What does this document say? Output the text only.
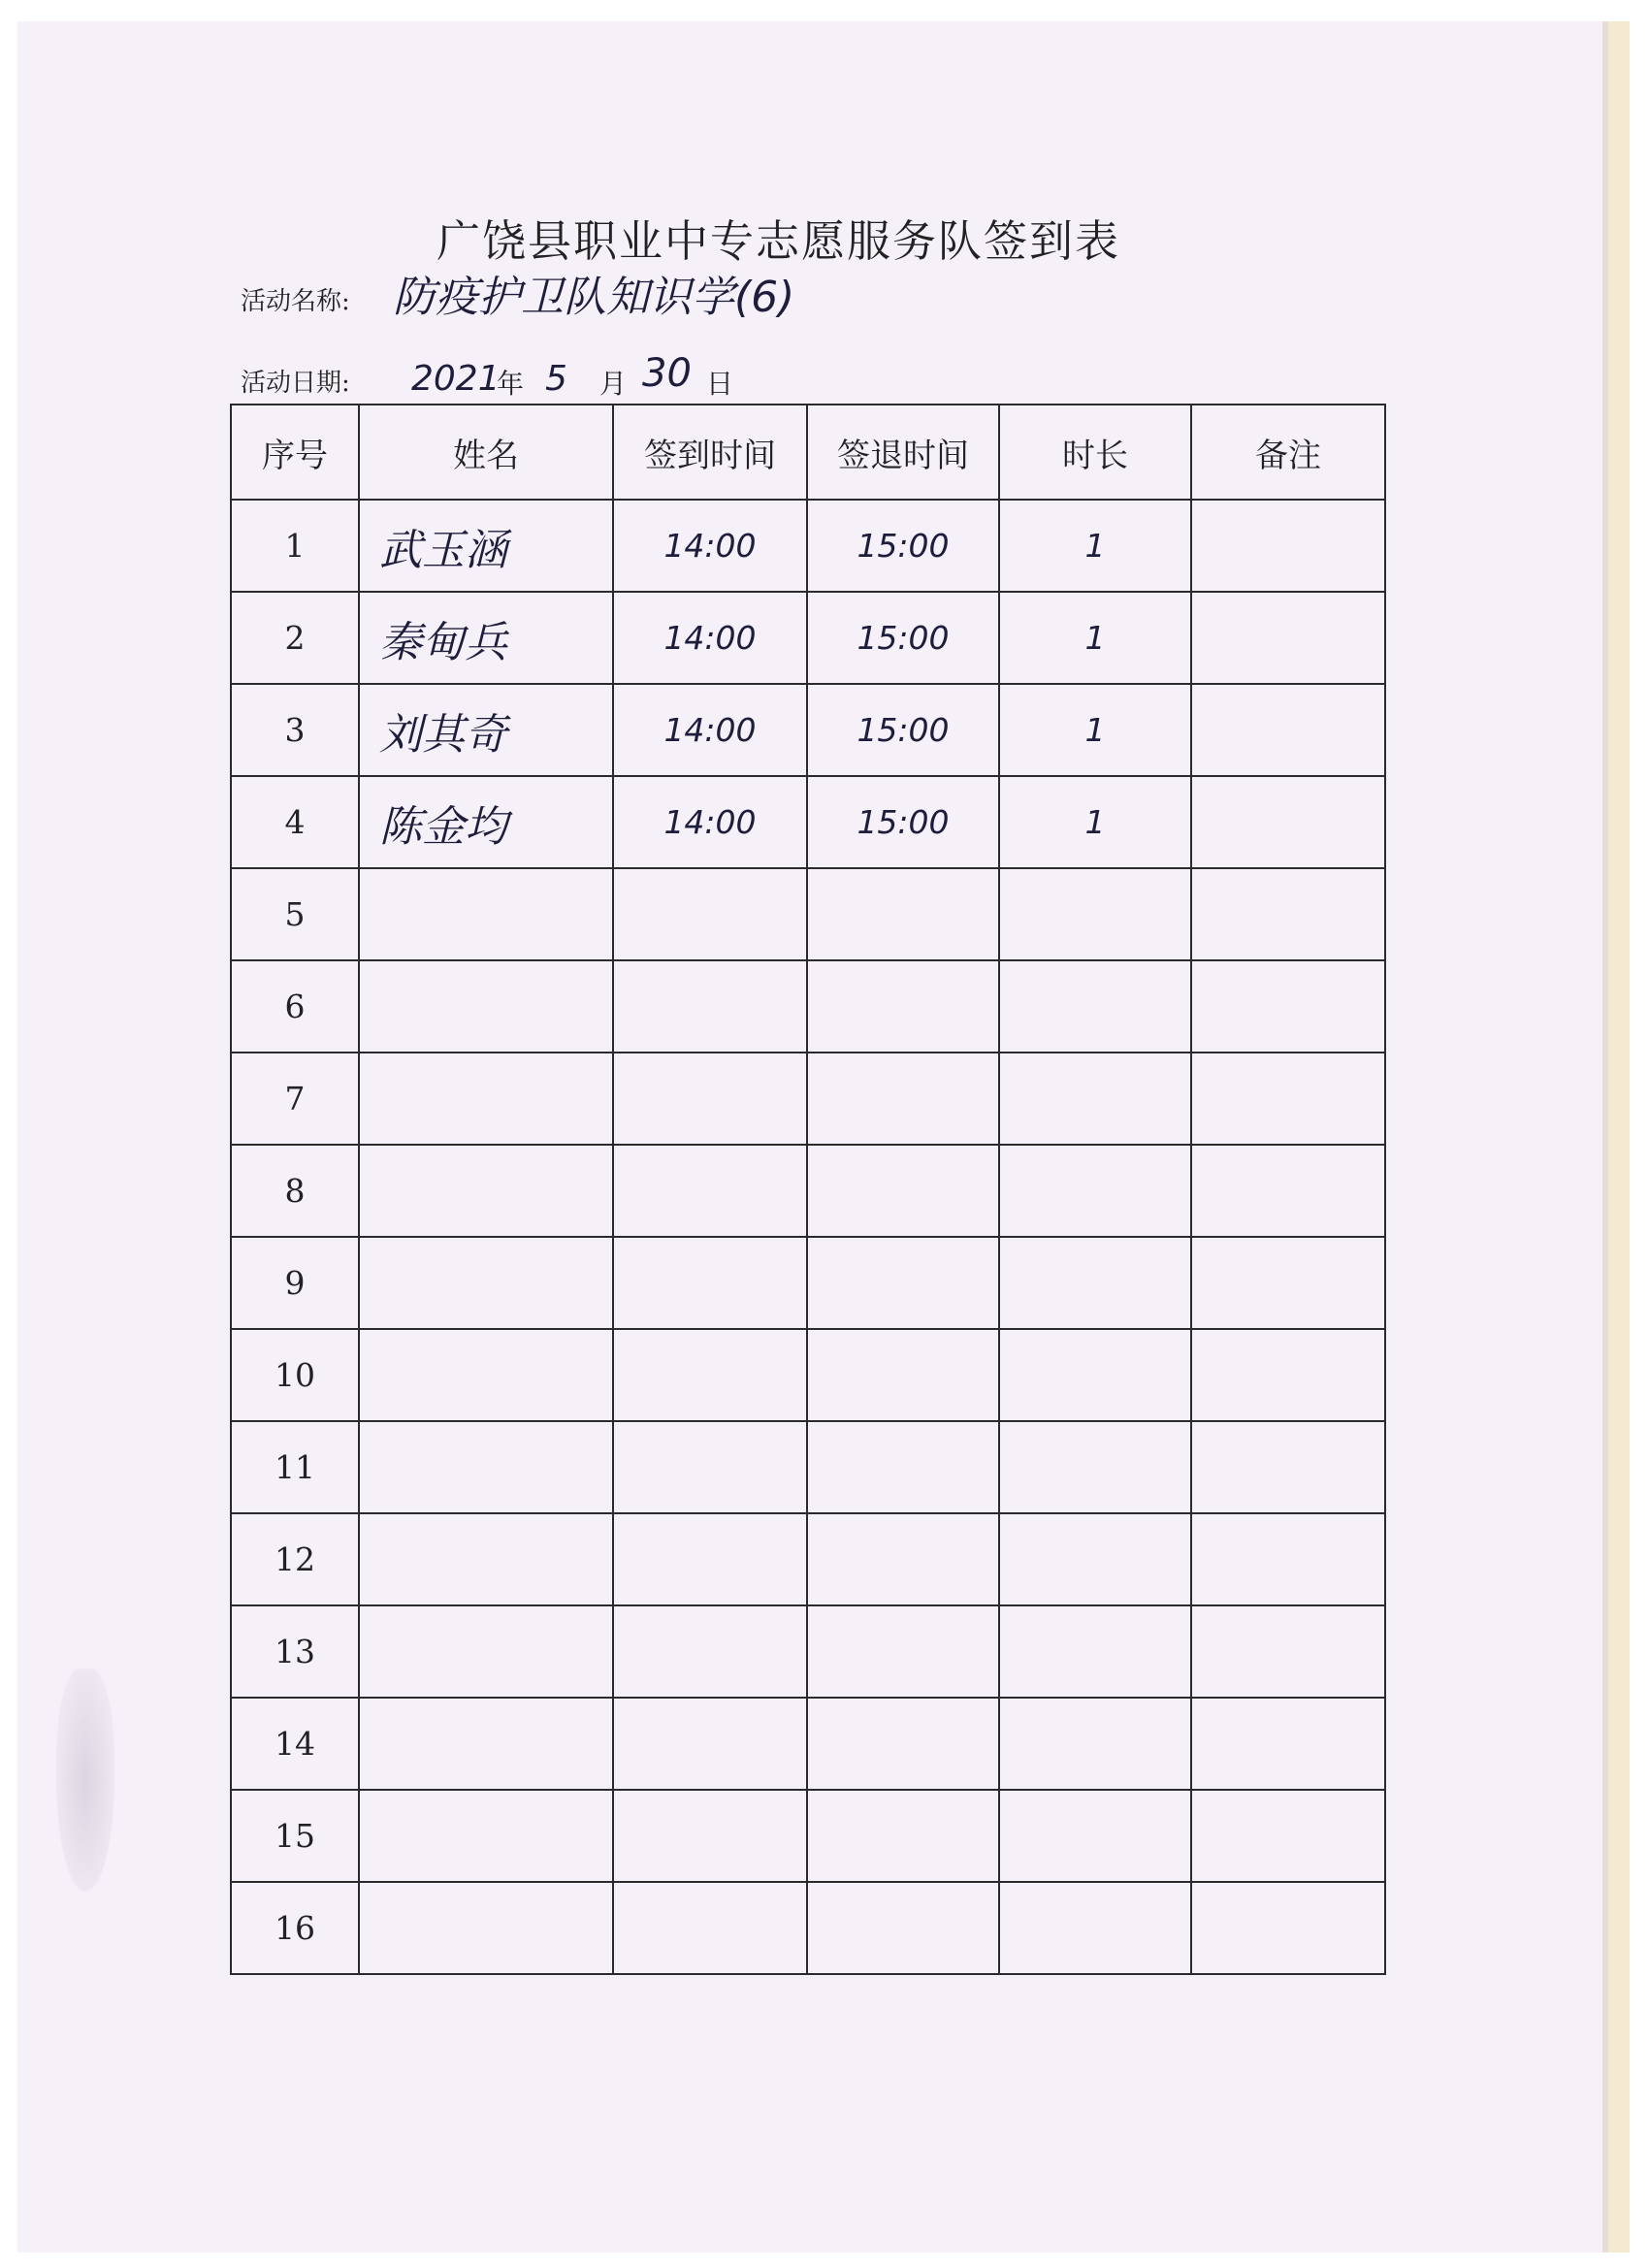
广饶县职业中专志愿服务队签到表
活动名称: 防疫护卫队知识学(6)
活动日期: 2021
年 5 月 30 日
序号	姓名	签到时间	签退时间	时长	备注
1	武玉涵	14:00	15:00	1	
2	秦甸兵	14:00	15:00	1	
3	刘其奇	14:00	15:00	1	
4	陈金均	14:00	15:00	1	
5					
6					
7					
8					
9					
10					
11					
12					
13					
14					
15					
16					
